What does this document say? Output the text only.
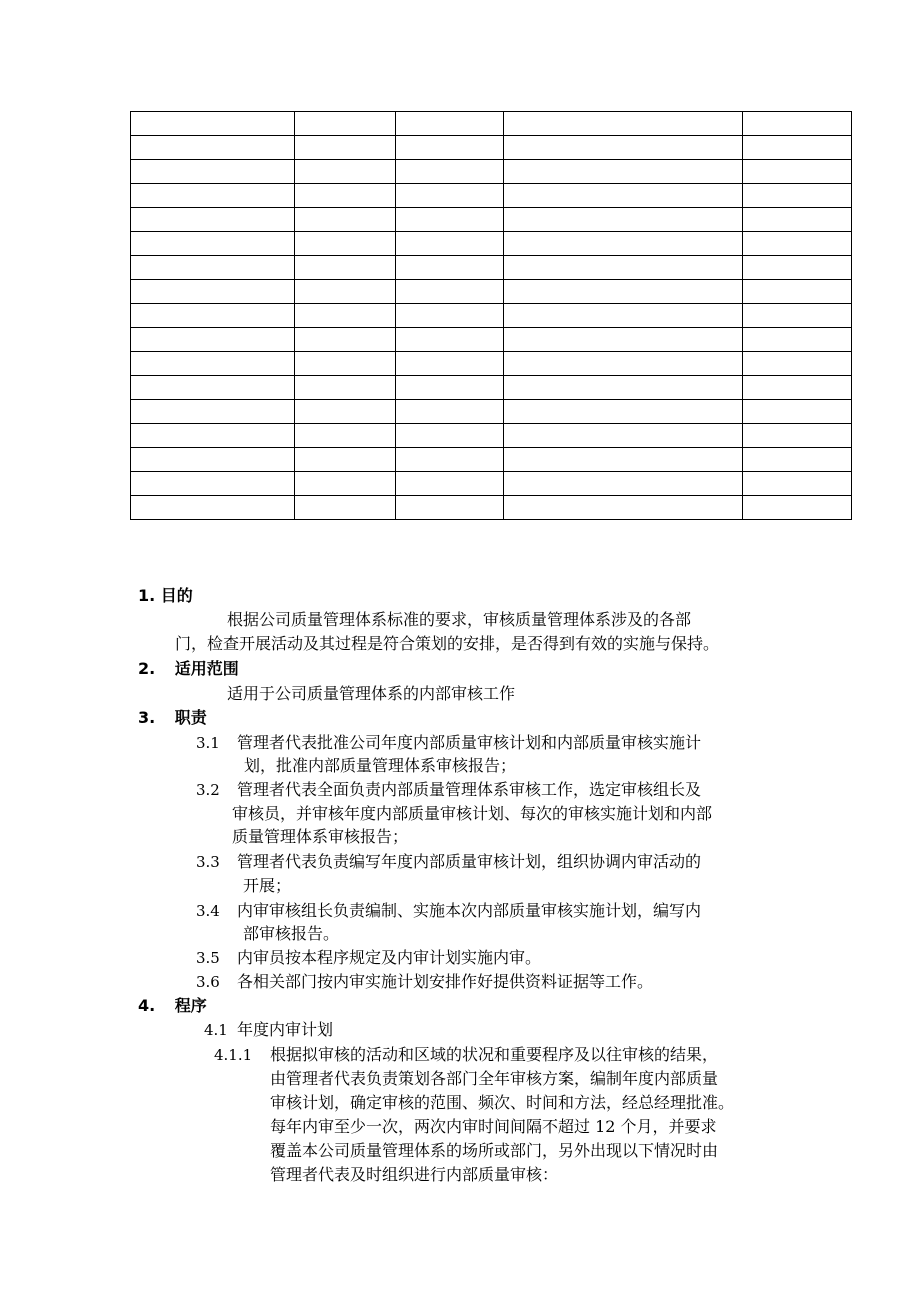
1. 目的
根据公司质量管理体系标准的要求，审核质量管理体系涉及的各部
门，检查开展活动及其过程是符合策划的安排，是否得到有效的实施与保持。
2. 适用范围
适用于公司质量管理体系的内部审核工作
3. 职责
3.1 管理者代表批准公司年度内部质量审核计划和内部质量审核实施计
划，批准内部质量管理体系审核报告；
3.2 管理者代表全面负责内部质量管理体系审核工作，选定审核组长及
审核员，并审核年度内部质量审核计划、每次的审核实施计划和内部
质量管理体系审核报告；
3.3 管理者代表负责编写年度内部质量审核计划，组织协调内审活动的
开展；
3.4 内审审核组长负责编制、实施本次内部质量审核实施计划，编写内
部审核报告。
3.5 内审员按本程序规定及内审计划实施内审。
3.6 各相关部门按内审实施计划安排作好提供资料证据等工作。
4. 程序
4.1 年度内审计划
4.1.1 根据拟审核的活动和区域的状况和重要程序及以往审核的结果，
由管理者代表负责策划各部门全年审核方案，编制年度内部质量
审核计划，确定审核的范围、频次、时间和方法，经总经理批准。
每年内审至少一次，两次内审时间间隔不超过 12 个月，并要求
覆盖本公司质量管理体系的场所或部门，另外出现以下情况时由
管理者代表及时组织进行内部质量审核：
